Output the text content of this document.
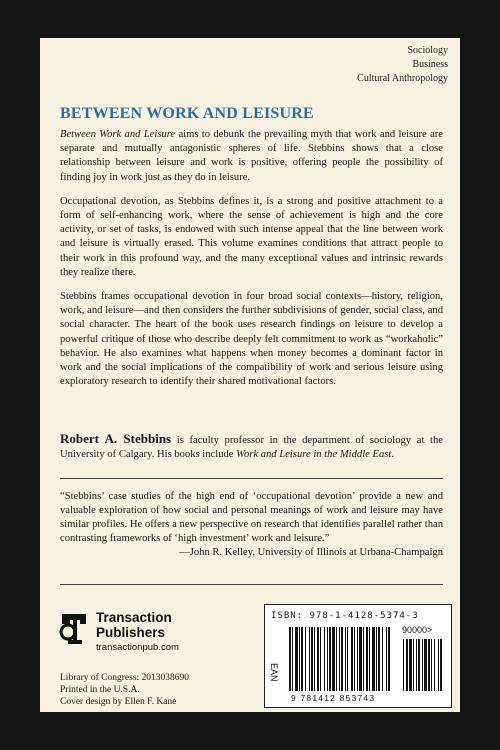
Sociology
Business
Cultural Anthropology
BETWEEN WORK AND LEISURE

Between Work and Leisure aims to debunk the prevailing myth that work and leisure are separate and mutually antagonistic spheres of life. Stebbins shows that a close relationship between leisure and work is positive, offering people the possibility of finding joy in work just as they do in leisure.

Occupational devotion, as Stebbins defines it, is a strong and positive attachment to a form of self-enhancing work, where the sense of achievement is high and the core activity, or set of tasks, is endowed with such intense appeal that the line between work and leisure is virtually erased. This volume examines conditions that attract people to their work in this profound way, and the many exceptional values and intrinsic rewards they realize there.

Stebbins frames occupational devotion in four broad social contexts—history, religion, work, and leisure—and then considers the further subdivisions of gender, social class, and social character. The heart of the book uses research findings on leisure to develop a powerful critique of those who describe deeply felt commitment to work as “workaholic” behavior. He also examines what happens when money becomes a dominant factor in work and the social implications of the compatibility of work and serious leisure using exploratory research to identify their shared motivational factors.

Robert A. Stebbins is faculty professor in the department of sociology at the University of Calgary. His books include Work and Leisure in the Middle East.

“Stebbins’ case studies of the high end of ‘occupational devotion’ provide a new and valuable exploration of how social and personal meanings of work and leisure may have similar profiles. He offers a new perspective on research that identifies parallel rather than contrasting frameworks of ‘high investment’ work and leisure.”

—John R. Kelley, University of Illinois at Urbana-Champaign

Transaction
Publishers
transactionpub.com
Library of Congress: 2013038690
Printed in the U.S.A.
Cover design by Ellen F. Kane
ISBN: 978-1-4128-5374-3
EAN
90000>
9 781412 853743
